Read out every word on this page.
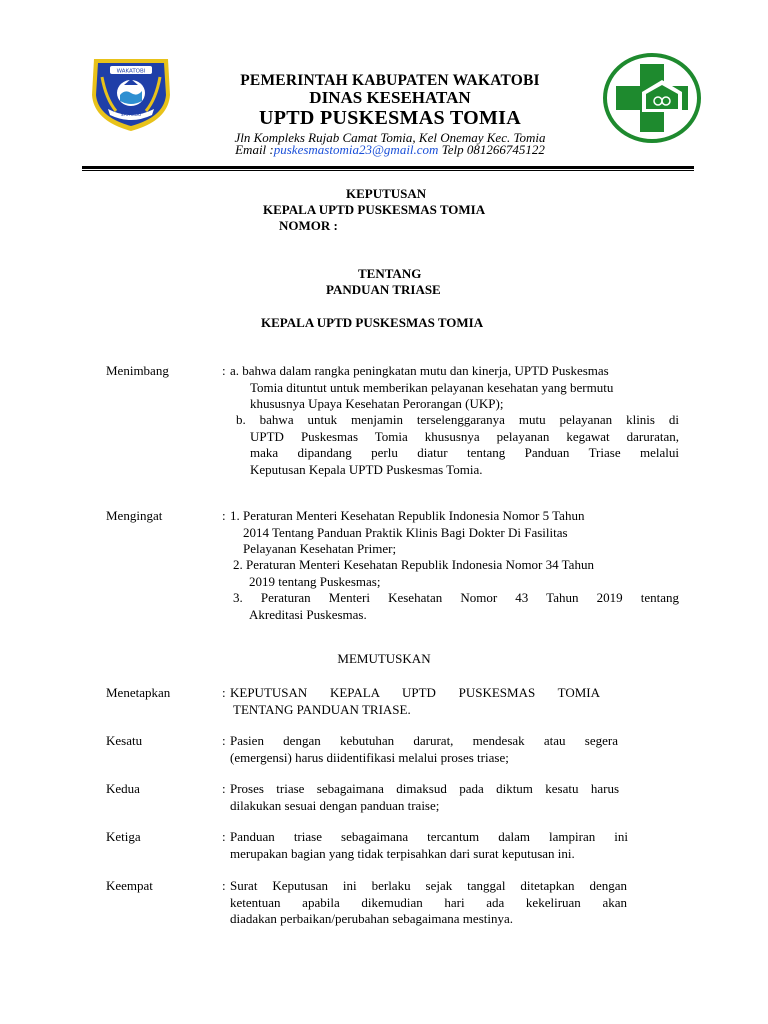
WAKATOBI
SAYAKOU
PEMERINTAH KABUPATEN WAKATOBI
DINAS KESEHATAN
UPTD PUSKESMAS TOMIA
Jln Kompleks Rujab Camat Tomia, Kel Onemay Kec. Tomia
Email :puskesmastomia23@gmail.com Telp 081266745122
KEPUTUSAN
KEPALA UPTD PUSKESMAS TOMIA
NOMOR :
TENTANG
PANDUAN TRIASE
KEPALA UPTD PUSKESMAS TOMIA
Menimbang	: a. bahwa dalam rangka peningkatan mutu dan kinerja, UPTD Puskesmas
Tomia dituntut untuk memberikan pelayanan kesehatan yang bermutu
khususnya Upaya Kesehatan Perorangan (UKP);
b. bahwa untuk menjamin terselenggaranya mutu pelayanan klinis di
UPTD Puskesmas Tomia khususnya pelayanan kegawat daruratan,
maka dipandang perlu diatur tentang Panduan Triase melalui
Keputusan Kepala UPTD Puskesmas Tomia.
Mengingat	: 1. Peraturan Menteri Kesehatan Republik Indonesia Nomor 5 Tahun
2014 Tentang Panduan Praktik Klinis Bagi Dokter Di Fasilitas
Pelayanan Kesehatan Primer;
2. Peraturan Menteri Kesehatan Republik Indonesia Nomor 34 Tahun
2019 tentang Puskesmas;
3. Peraturan Menteri Kesehatan Nomor 43 Tahun 2019 tentang
Akreditasi Puskesmas.
MEMUTUSKAN
Menetapkan	: KEPUTUSAN KEPALA UPTD PUSKESMAS TOMIA
TENTANG PANDUAN TRIASE.
Kesatu	: Pasien dengan kebutuhan darurat, mendesak atau segera
(emergensi) harus diidentifikasi melalui proses triase;
Kedua	: Proses triase sebagaimana dimaksud pada diktum kesatu harus
dilakukan sesuai dengan panduan traise;
Ketiga	: Panduan triase sebagaimana tercantum dalam lampiran ini
merupakan bagian yang tidak terpisahkan dari surat keputusan ini.
Keempat	: Surat Keputusan ini berlaku sejak tanggal ditetapkan dengan
ketentuan apabila dikemudian hari ada kekeliruan akan
diadakan perbaikan/perubahan sebagaimana mestinya.
